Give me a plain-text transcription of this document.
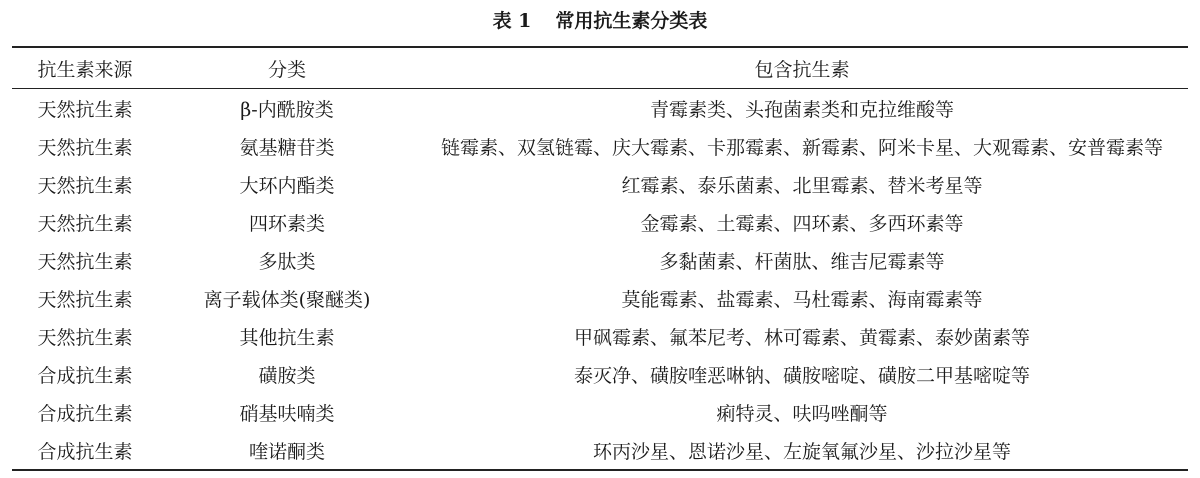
表 1 常用抗生素分类表
抗生素来源	分类	包含抗生素
天然抗生素	β-内酰胺类	青霉素类、头孢菌素类和克拉维酸等
天然抗生素	氨基糖苷类	链霉素、双氢链霉、庆大霉素、卡那霉素、新霉素、阿米卡星、大观霉素、安普霉素等
天然抗生素	大环内酯类	红霉素、泰乐菌素、北里霉素、替米考星等
天然抗生素	四环素类	金霉素、土霉素、四环素、多西环素等
天然抗生素	多肽类	多黏菌素、杆菌肽、维吉尼霉素等
天然抗生素	离子载体类(聚醚类)	莫能霉素、盐霉素、马杜霉素、海南霉素等
天然抗生素	其他抗生素	甲砜霉素、氟苯尼考、林可霉素、黄霉素、泰妙菌素等
合成抗生素	磺胺类	泰灭净、磺胺喹恶啉钠、磺胺嘧啶、磺胺二甲基嘧啶等
合成抗生素	硝基呋喃类	痢特灵、呋吗唑酮等
合成抗生素	喹诺酮类	环丙沙星、恩诺沙星、左旋氧氟沙星、沙拉沙星等
